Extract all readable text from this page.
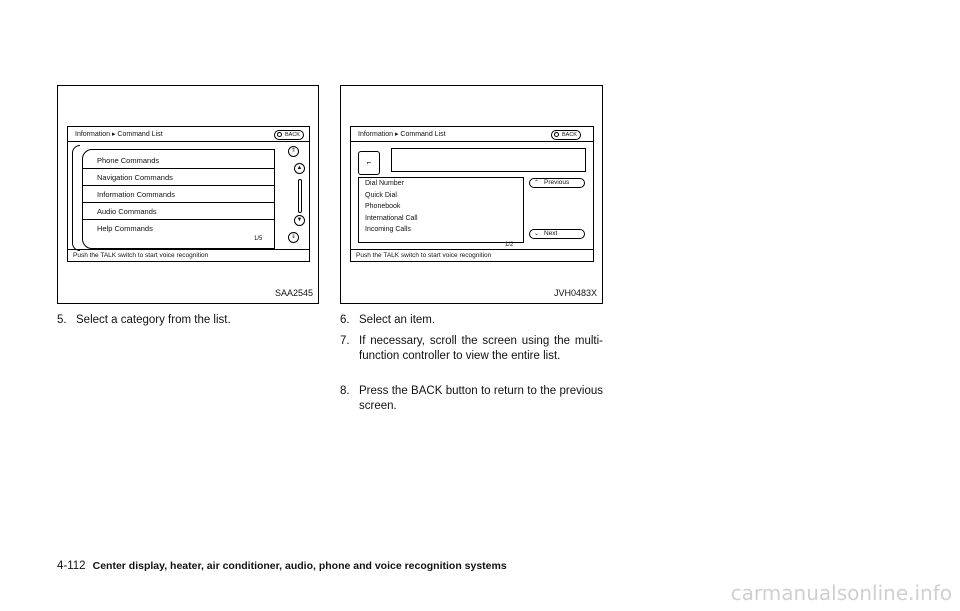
Information ▸ Command List	BACK
Phone Commands
Navigation Commands
Information Commands
Audio Commands
Help Commands
1/5
⇑
▲
▼
⇓
Push the TALK switch to start voice recognition
SAA2545
Information ▸ Command List	BACK
⌐
Dial Number
Quick Dial
Phonebook
International Call
Incoming Calls
⌃ Previous
⌄ Next
1/2
Push the TALK switch to start voice recognition
JVH0483X
5. Select a category from the list.	6. Select an item.
7. If necessary, scroll the screen using the multi-function controller to view the entire list.
8. Press the BACK button to return to the previous screen.
4-112 Center display, heater, air conditioner, audio, phone and voice recognition systems
carmanualsonline.info
